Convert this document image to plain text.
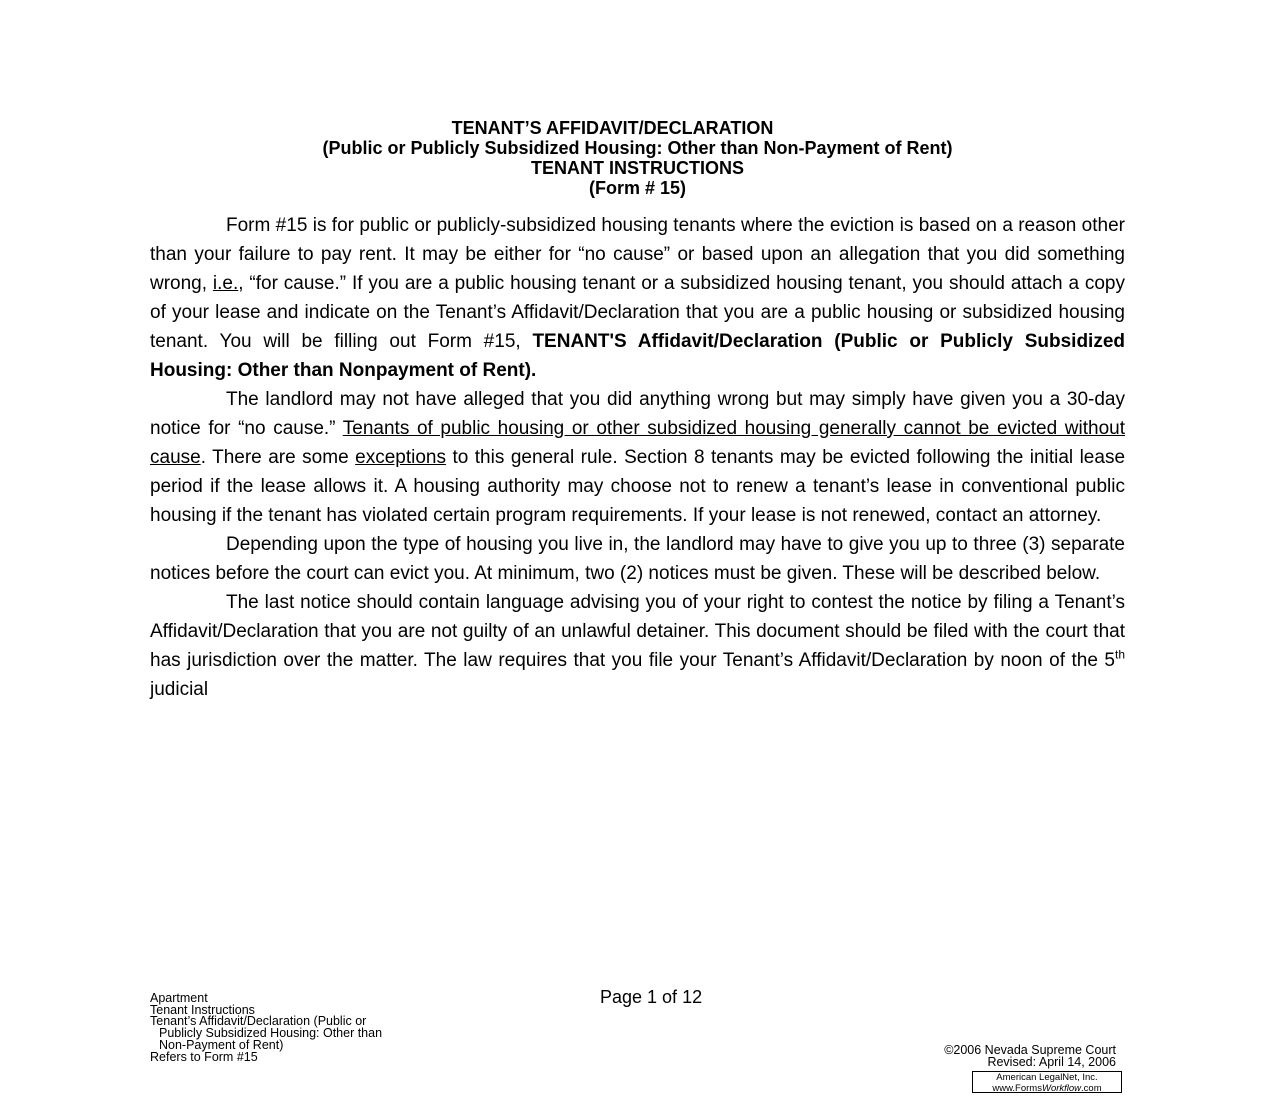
TENANT’S AFFIDAVIT/DECLARATION
(Public or Publicly Subsidized Housing: Other than Non-Payment of Rent)
TENANT INSTRUCTIONS
(Form # 15)

Form #15 is for public or publicly-subsidized housing tenants where the eviction is based on a reason other than your failure to pay rent. It may be either for “no cause” or based upon an allegation that you did something wrong, i.e., “for cause.” If you are a public housing tenant or a subsidized housing tenant, you should attach a copy of your lease and indicate on the Tenant’s Affidavit/Declaration that you are a public housing or subsidized housing tenant. You will be filling out Form #15, TENANT'S Affidavit/Declaration (Public or Publicly Subsidized Housing: Other than Nonpayment of Rent).

The landlord may not have alleged that you did anything wrong but may simply have given you a 30-day notice for “no cause.” Tenants of public housing or other subsidized housing generally cannot be evicted without cause. There are some exceptions to this general rule. Section 8 tenants may be evicted following the initial lease period if the lease allows it. A housing authority may choose not to renew a tenant’s lease in conventional public housing if the tenant has violated certain program requirements. If your lease is not renewed, contact an attorney.

Depending upon the type of housing you live in, the landlord may have to give you up to three (3) separate notices before the court can evict you. At minimum, two (2) notices must be given. These will be described below.

The last notice should contain language advising you of your right to contest the notice by filing a Tenant’s Affidavit/Declaration that you are not guilty of an unlawful detainer. This document should be filed with the court that has jurisdiction over the matter. The law requires that you file your Tenant’s Affidavit/Declaration by noon of the 5th judicial

Apartment
Tenant Instructions
Tenant’s Affidavit/Declaration (Public or
Publicly Subsidized Housing: Other than
Non-Payment of Rent)
Refers to Form #15
Page 1 of 12
©2006 Nevada Supreme Court
Revised: April 14, 2006
American LegalNet, Inc.
www.FormsWorkflow.com
